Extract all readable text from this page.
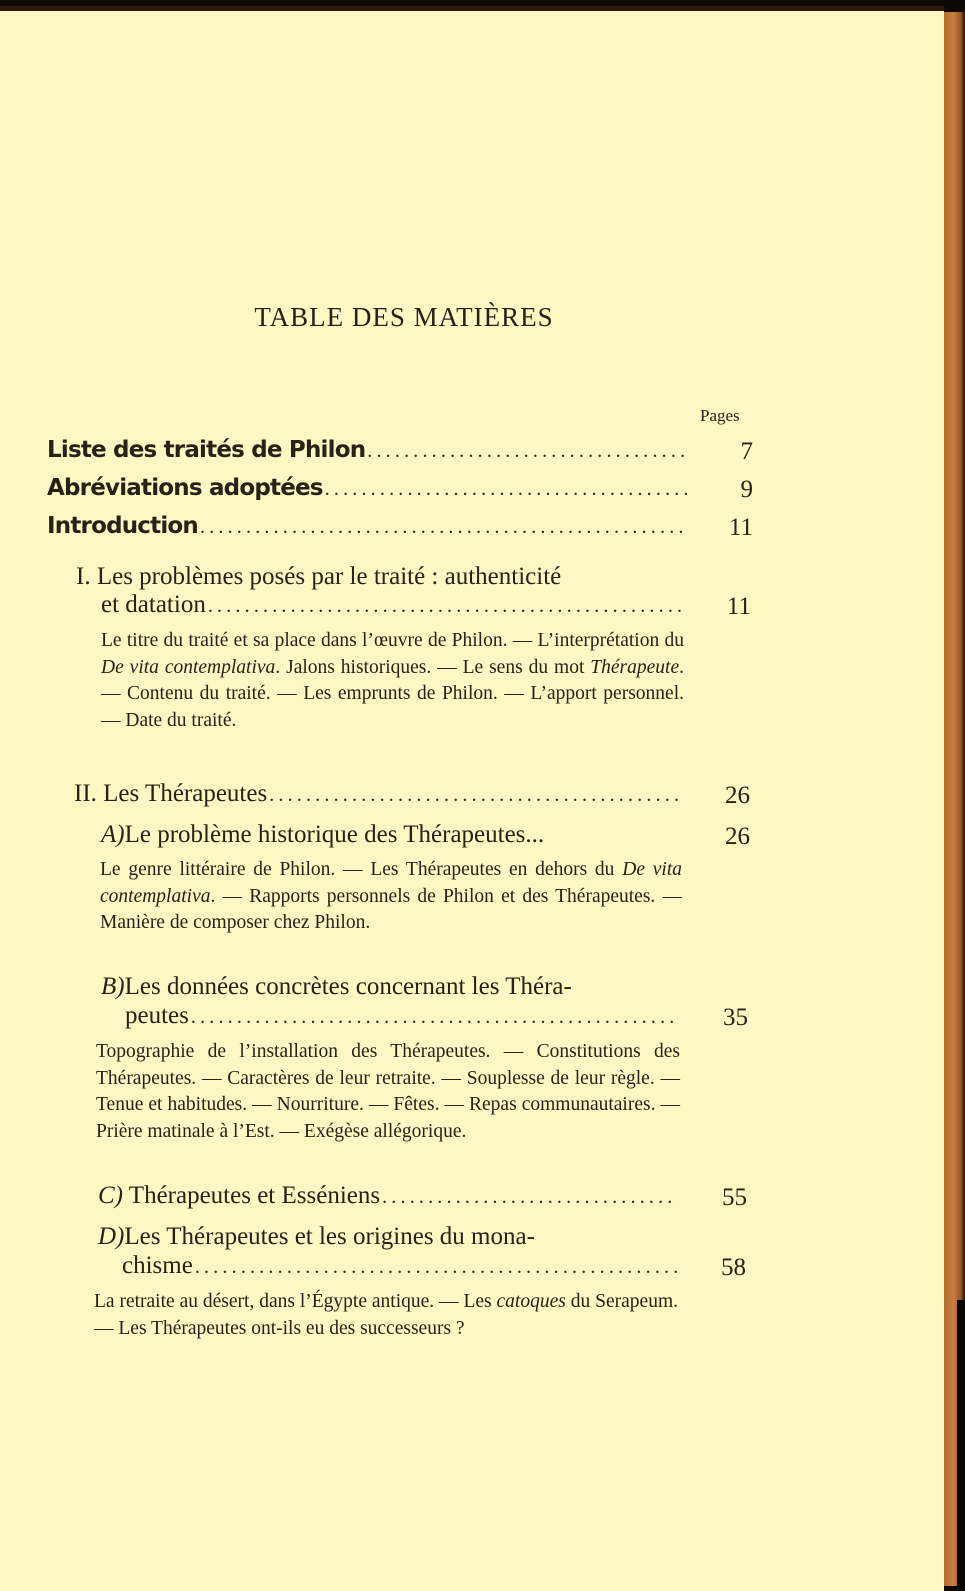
TABLE DES MATIÈRES
Pages
Liste des traités de Philon .....	7
Abréviations adoptées .....	9
Introduction .....	11
I. Les problèmes posés par le traité : authenticité
et datation .....	11
Le titre du traité et sa place dans l’œuvre de Philon. — L’interprétation du De vita contemplativa. Jalons historiques. — Le sens du mot Thérapeute. — Contenu du traité. — Les emprunts de Philon. — L’apport personnel. — Date du traité.
II. Les Thérapeutes .....	26
A) Le problème historique des Thérapeutes...	26
Le genre littéraire de Philon. — Les Thérapeutes en dehors du De vita contemplativa. — Rapports personnels de Philon et des Thérapeutes. — Manière de composer chez Philon.
B) Les données concrètes concernant les Théra-
peutes .....	35
Topographie de l’installation des Thérapeutes. — Constitutions des Thérapeutes. — Caractères de leur retraite. — Souplesse de leur règle. — Tenue et habitudes. — Nourriture. — Fêtes. — Repas communautaires. — Prière matinale à l’Est. — Exégèse allégorique.
C) Thérapeutes et Esséniens .....	55
D) Les Thérapeutes et les origines du mona-
chisme .....	58
La retraite au désert, dans l’Égypte antique. — Les catoques du Serapeum. — Les Thérapeutes ont-ils eu des successeurs ?
